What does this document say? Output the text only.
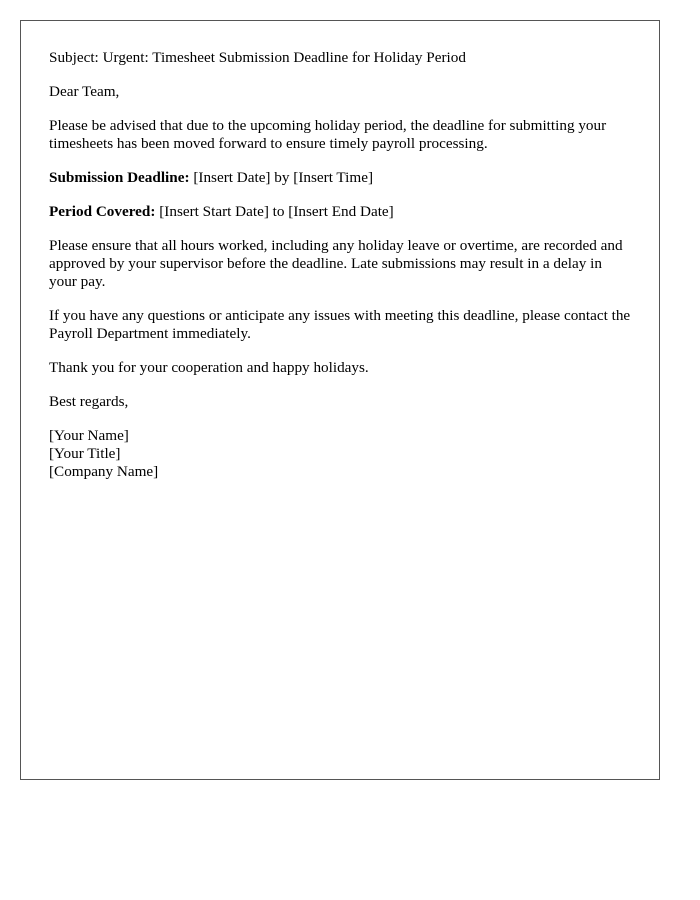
Subject: Urgent: Timesheet Submission Deadline for Holiday Period

Dear Team,

Please be advised that due to the upcoming holiday period, the deadline for submitting your timesheets has been moved forward to ensure timely payroll processing.

Submission Deadline: [Insert Date] by [Insert Time]

Period Covered: [Insert Start Date] to [Insert End Date]

Please ensure that all hours worked, including any holiday leave or overtime, are recorded and approved by your supervisor before the deadline. Late submissions may result in a delay in your pay.

If you have any questions or anticipate any issues with meeting this deadline, please contact the Payroll Department immediately.

Thank you for your cooperation and happy holidays.

Best regards,

[Your Name]
[Your Title]
[Company Name]
